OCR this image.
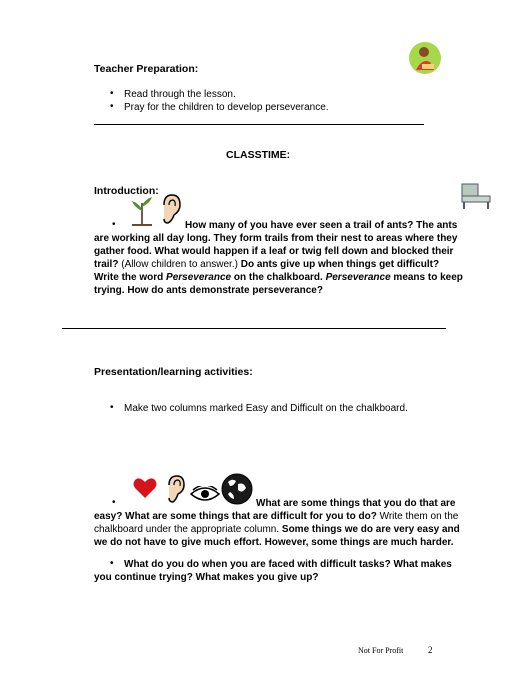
Teacher Preparation:
• Read through the lesson.
• Pray for the children to develop perseverance.
CLASSTIME:
Introduction:
•	How many of you have ever seen a trail of ants? The ants are working all day long. They form trails from their nest to areas where they gather food. What would happen if a leaf or twig fell down and blocked their trail? (Allow children to answer.) Do ants give up when things get difficult? Write the word Perseverance on the chalkboard. Perseverance means to keep trying. How do ants demonstrate perseverance?
Presentation/learning activities:
• Make two columns marked Easy and Difficult on the chalkboard.
•	What are some things that you do that are easy? What are some things that are difficult for you to do? Write them on the chalkboard under the appropriate column. Some things we do are very easy and we do not have to give much effort. However, some things are much harder.
•	What do you do when you are faced with difficult tasks? What makes you continue trying? What makes you give up?
Not For Profit	2
